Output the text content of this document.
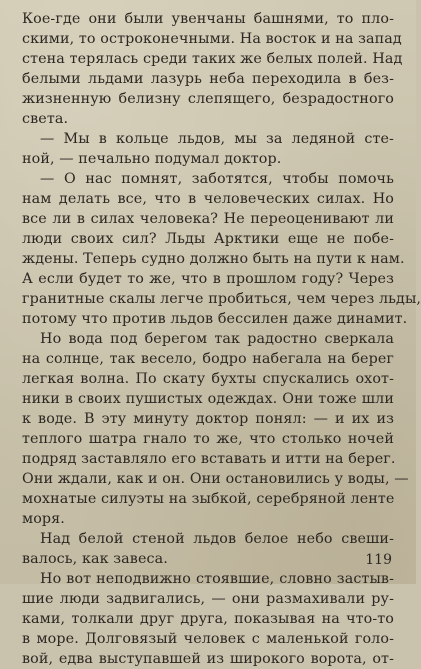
Кое-где они были увенчаны башнями, то пло-
скими, то остроконечными. На восток и на запад
стена терялась среди таких же белых полей. Над
белыми льдами лазурь неба переходила в без-
жизненную белизну слепящего, безрадостного
света.
— Мы в кольце льдов, мы за ледяной сте-
ной, — печально подумал доктор.
— О нас помнят, заботятся, чтобы помочь
нам делать все, что в человеческих силах. Но
все ли в силах человека? Не переоценивают ли
люди своих сил? Льды Арктики еще не побе-
ждены. Теперь судно должно быть на пути к нам.
А если будет то же, что в прошлом году? Через
гранитные скалы легче пробиться, чем через льды,
потому что против льдов бессилен даже динамит.
Но вода под берегом так радостно сверкала
на солнце, так весело, бодро набегала на берег
легкая волна. По скату бухты спускались охот-
ники в своих пушистых одеждах. Они тоже шли
к воде. В эту минуту доктор понял: — и их из
теплого шатра гнало то же, что столько ночей
подряд заставляло его вставать и итти на берег.
Они ждали, как и он. Они остановились у воды, —
мохнатые силуэты на зыбкой, серебряной ленте
моря.
Над белой стеной льдов белое небо свеши-
валось, как завеса.
Но вот неподвижно стоявшие, словно застыв-
шие люди задвигались, — они размахивали ру-
ками, толкали друг друга, показывая на что-то
в море. Долговязый человек с маленькой голо-
вой, едва выступавшей из широкого ворота, от-
119
